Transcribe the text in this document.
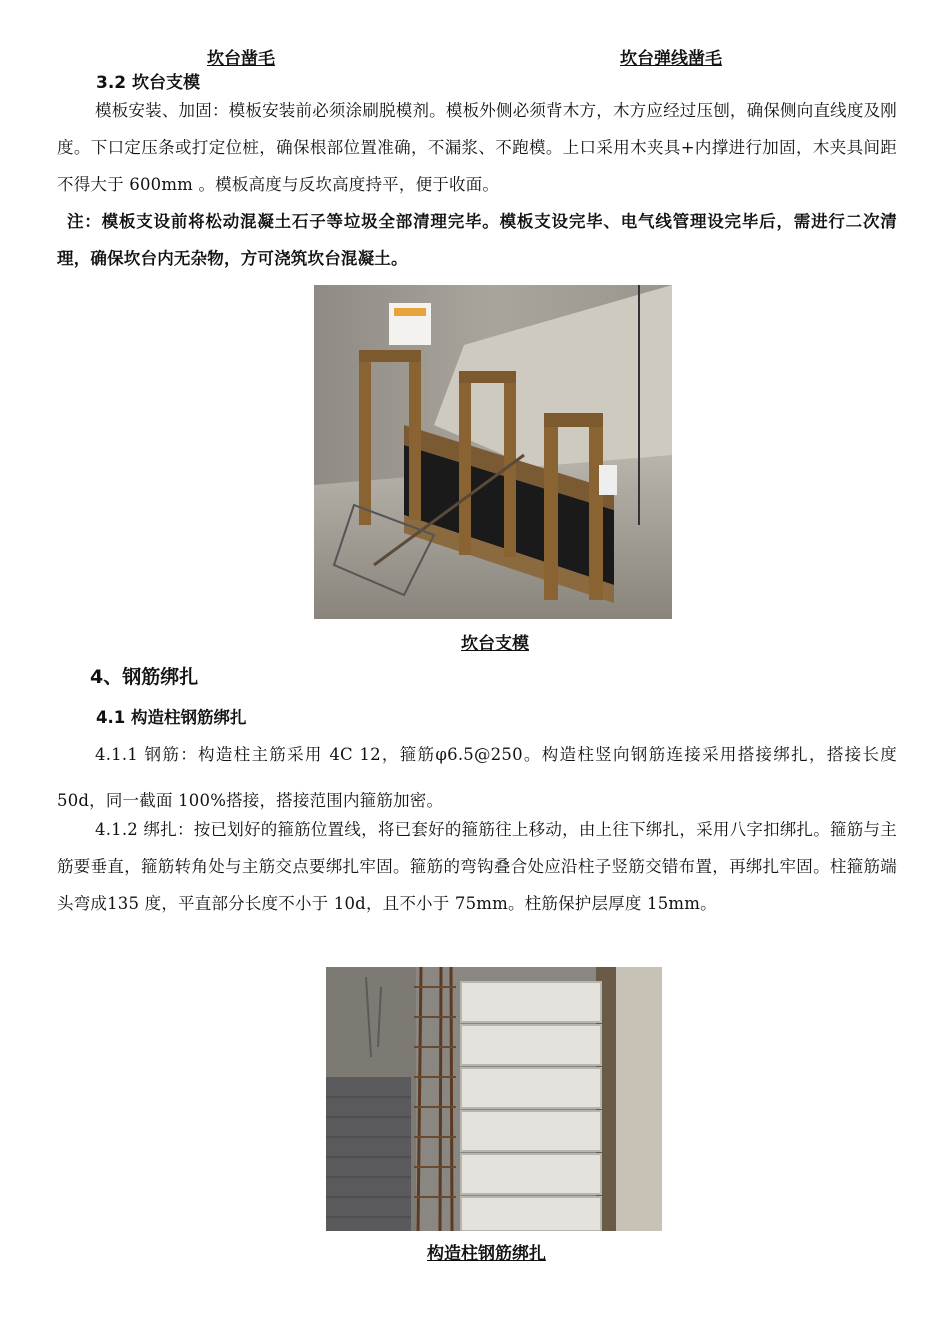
坎台凿毛	坎台弹线凿毛
3.2 坎台支模
模板安装、加固：模板安装前必须涂刷脱模剂。模板外侧必须背木方，木方应经过压刨，确保侧向直线度及刚度。下口定压条或打定位桩，确保根部位置准确，不漏浆、不跑模。上口采用木夹具+内撑进行加固，木夹具间距不得大于 600mm 。模板高度与反坎高度持平，便于收面。
注：模板支设前将松动混凝土石子等垃圾全部清理完毕。模板支设完毕、电气线管理设完毕后，需进行二次清理，确保坎台内无杂物，方可浇筑坎台混凝土。
坎台支模
4、钢筋绑扎
4.1 构造柱钢筋绑扎
4.1.1 钢筋：构造柱主筋采用 4C 12，箍筋φ6.5@250。构造柱竖向钢筋连接采用搭接绑扎，搭接长度 50d，同一截面 100%搭接，搭接范围内箍筋加密。
4.1.2 绑扎：按已划好的箍筋位置线，将已套好的箍筋往上移动，由上往下绑扎，采用八字扣绑扎。箍筋与主筋要垂直，箍筋转角处与主筋交点要绑扎牢固。箍筋的弯钩叠合处应沿柱子竖筋交错布置，再绑扎牢固。柱箍筋端头弯成135 度，平直部分长度不小于 10d，且不小于 75mm。柱筋保护层厚度 15mm。
构造柱钢筋绑扎
